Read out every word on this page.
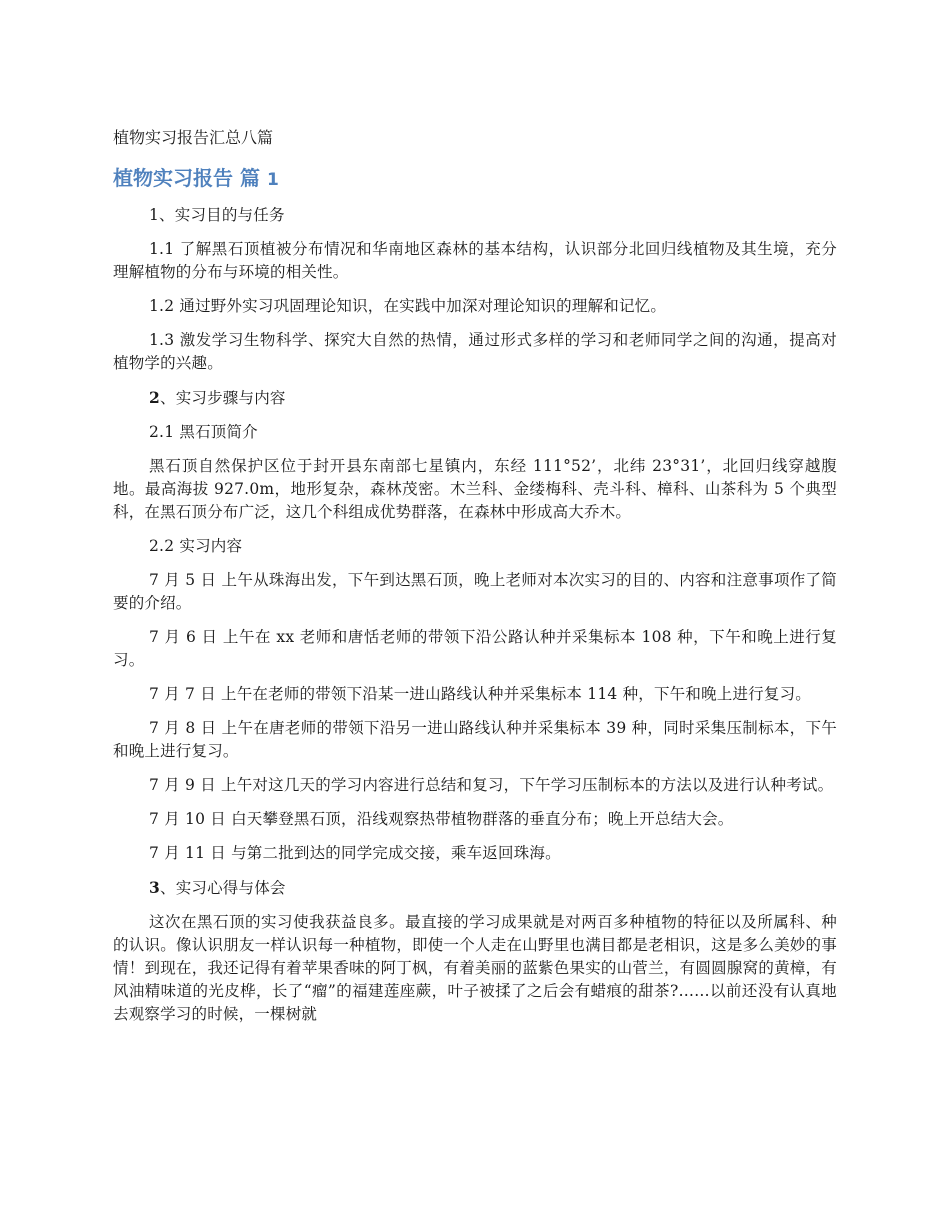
植物实习报告汇总八篇
植物实习报告 篇 1

1、实习目的与任务

1.1 了解黑石顶植被分布情况和华南地区森林的基本结构，认识部分北回归线植物及其生境，充分理解植物的分布与环境的相关性。

1.2 通过野外实习巩固理论知识，在实践中加深对理论知识的理解和记忆。

1.3 激发学习生物科学、探究大自然的热情，通过形式多样的学习和老师同学之间的沟通，提高对植物学的兴趣。

2、实习步骤与内容

2.1 黑石顶简介

黑石顶自然保护区位于封开县东南部七星镇内，东经 111°52’，北纬 23°31’，北回归线穿越腹地。最高海拔 927.0m，地形复杂，森林茂密。木兰科、金缕梅科、壳斗科、樟科、山茶科为 5 个典型科，在黑石顶分布广泛，这几个科组成优势群落，在森林中形成高大乔木。

2.2 实习内容

7 月 5 日 上午从珠海出发，下午到达黑石顶，晚上老师对本次实习的目的、内容和注意事项作了简要的介绍。

7 月 6 日 上午在 xx 老师和唐恬老师的带领下沿公路认种并采集标本 108 种，下午和晚上进行复习。

7 月 7 日 上午在老师的带领下沿某一进山路线认种并采集标本 114 种，下午和晚上进行复习。

7 月 8 日 上午在唐老师的带领下沿另一进山路线认种并采集标本 39 种，同时采集压制标本，下午和晚上进行复习。

7 月 9 日 上午对这几天的学习内容进行总结和复习，下午学习压制标本的方法以及进行认种考试。

7 月 10 日 白天攀登黑石顶，沿线观察热带植物群落的垂直分布；晚上开总结大会。

7 月 11 日 与第二批到达的同学完成交接，乘车返回珠海。

3、实习心得与体会

这次在黑石顶的实习使我获益良多。最直接的学习成果就是对两百多种植物的特征以及所属科、种的认识。像认识朋友一样认识每一种植物，即使一个人走在山野里也满目都是老相识，这是多么美妙的事情！到现在，我还记得有着苹果香味的阿丁枫，有着美丽的蓝紫色果实的山菅兰，有圆圆腺窝的黄樟，有风油精味道的光皮桦，长了“瘤”的福建莲座蕨，叶子被揉了之后会有蜡痕的甜茶?……以前还没有认真地去观察学习的时候，一棵树就
